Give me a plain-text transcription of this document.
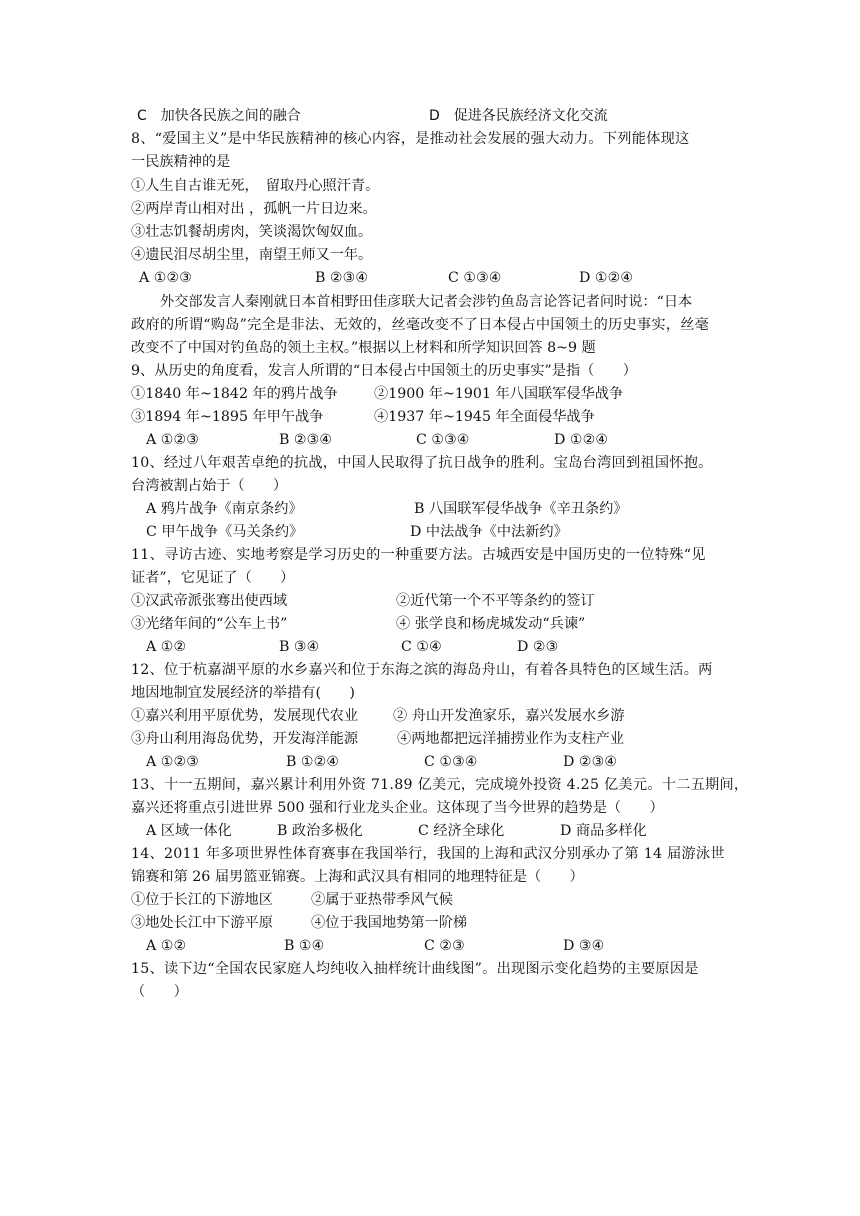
C　加快各民族之间的融合	D　促进各民族经济文化交流
8、“爱国主义”是中华民族精神的核心内容，是推动社会发展的强大动力。下列能体现这
一民族精神的是
①人生自古谁无死，　留取丹心照汗青。
②两岸青山相对出 ，孤帆一片日边来。
③壮志饥餐胡虏肉，笑谈渴饮匈奴血。
④遗民泪尽胡尘里，南望王师又一年。
A ①②③	B ②③④	C ①③④	D ①②④
外交部发言人秦刚就日本首相野田佳彦联大记者会涉钓鱼岛言论答记者问时说：“日本
政府的所谓“购岛”完全是非法、无效的，丝毫改变不了日本侵占中国领土的历史事实，丝毫
改变不了中国对钓鱼岛的领土主权。”根据以上材料和所学知识回答 8~9 题
9、从历史的角度看，发言人所谓的“日本侵占中国领土的历史事实”是指（　　）
①1840 年~1842 年的鸦片战争	②1900 年~1901 年八国联军侵华战争
③1894 年~1895 年甲午战争	④1937 年~1945 年全面侵华战争
A ①②③	B ②③④	C ①③④	D ①②④
10、经过八年艰苦卓绝的抗战，中国人民取得了抗日战争的胜利。宝岛台湾回到祖国怀抱。
台湾被割占始于（　　）
A 鸦片战争《南京条约》	B 八国联军侵华战争《辛丑条约》
C 甲午战争《马关条约》	D 中法战争《中法新约》
11、寻访古迹、实地考察是学习历史的一种重要方法。古城西安是中国历史的一位特殊“见
证者”，它见证了（　　）
①汉武帝派张骞出使西域	②近代第一个不平等条约的签订
③光绪年间的“公车上书”	④ 张学良和杨虎城发动“兵谏”
A ①②	B ③④	C ①④	D ②③
12、位于杭嘉湖平原的水乡嘉兴和位于东海之滨的海岛舟山，有着各具特色的区域生活。两
地因地制宜发展经济的举措有(　　)
①嘉兴利用平原优势，发展现代农业 ② 舟山开发渔家乐，嘉兴发展水乡游
③舟山利用海岛优势，开发海洋能源	④两地都把远洋捕捞业作为支柱产业
A ①②③	B ①②④	C ①③④	D ②③④
13、十一五期间，嘉兴累计利用外资 71.89 亿美元，完成境外投资 4.25 亿美元。十二五期间，
嘉兴还将重点引进世界 500 强和行业龙头企业。这体现了当今世界的趋势是（　　）
A 区域一体化	B 政治多极化	C 经济全球化	D 商品多样化
14、2011 年多项世界性体育赛事在我国举行，我国的上海和武汉分别承办了第 14 届游泳世
锦赛和第 26 届男篮亚锦赛。上海和武汉具有相同的地理特征是（　　）
①位于长江的下游地区	②属于亚热带季风气候
③地处长江中下游平原	④位于我国地势第一阶梯
A ①②	B ①④	C ②③	D ③④
15、读下边“全国农民家庭人均纯收入抽样统计曲线图”。出现图示变化趋势的主要原因是
（　　）
